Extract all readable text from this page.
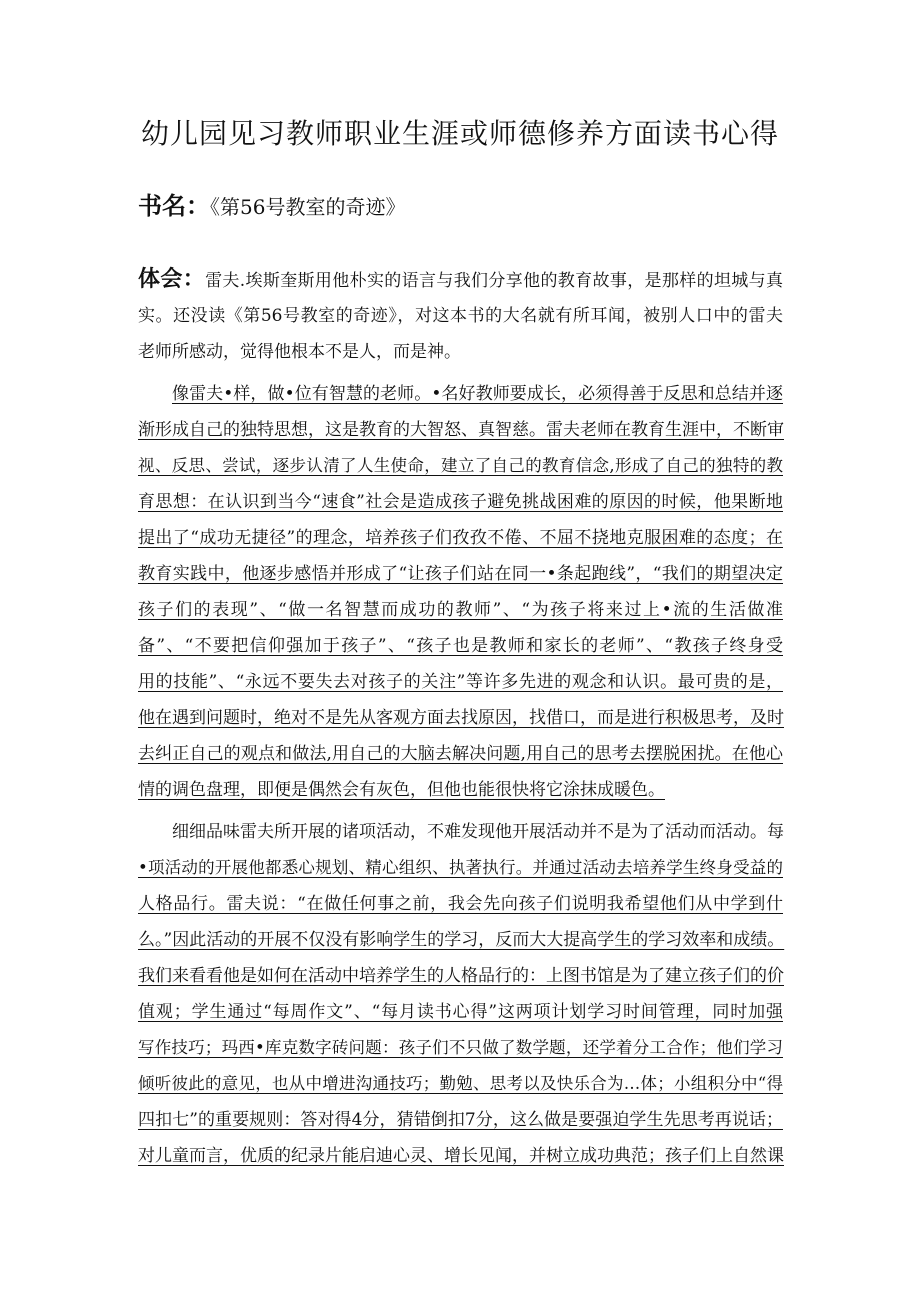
幼儿园见习教师职业生涯或师德修养方面读书心得
书名：《第56号教室的奇迹》
体会：雷夫.埃斯奎斯用他朴实的语言与我们分享他的教育故事，是那样的坦城与真
实。还没读《第56号教室的奇迹》，对这本书的大名就有所耳闻，被别人口中的雷夫
老师所感动，觉得他根本不是人，而是神。
像雷夫•样，做•位有智慧的老师。•名好教师要成长，必须得善于反思和总结并逐
渐形成自己的独特思想，这是教育的大智怒、真智慈。雷夫老师在教育生涯中，不断审
视、反思、尝试，逐步认清了人生使命，建立了自己的教育信念,形成了自己的独特的教
育思想：在认识到当今“速食”社会是造成孩子避免挑战困难的原因的时候，他果断地
提出了“成功无捷径”的理念，培养孩子们孜孜不倦、不屈不挠地克服困难的态度；在
教育实践中，他逐步感悟并形成了“让孩子们站在同一•条起跑线”，“我们的期望决定
孩子们的表现”、“做一名智慧而成功的教师”、“为孩子将来过上•流的生活做准
备”、“不要把信仰强加于孩子”、“孩子也是教师和家长的老师”、“教孩子终身受
用的技能”、“永远不要失去对孩子的关注”等许多先进的观念和认识。最可贵的是，
他在遇到问题时，绝对不是先从客观方面去找原因，找借口，而是进行积极思考，及时
去纠正自己的观点和做法,用自己的大脑去解决问题,用自己的思考去摆脱困扰。在他心
情的调色盘理，即便是偶然会有灰色，但他也能很快将它涂抹成暖色。
细细品味雷夫所开展的诸项活动，不难发现他开展活动并不是为了活动而活动。每
•项活动的开展他都悉心规划、精心组织、执著执行。并通过活动去培养学生终身受益的
人格品行。雷夫说：“在做任何事之前，我会先向孩子们说明我希望他们从中学到什
么。”因此活动的开展不仅没有影响学生的学习，反而大大提高学生的学习效率和成绩。
我们来看看他是如何在活动中培养学生的人格品行的：上图书馆是为了建立孩子们的价
值观；学生通过“每周作文”、“每月读书心得”这两项计划学习时间管理，同时加强
写作技巧；玛西•库克数字砖问题：孩子们不只做了数学题，还学着分工合作；他们学习
倾听彼此的意见，也从中增进沟通技巧；勤勉、思考以及快乐合为…体；小组积分中“得
四扣七”的重要规则：答对得4分，猜错倒扣7分，这么做是要强迫学生先思考再说话；
对儿童而言，优质的纪录片能启迪心灵、增长见闻，并树立成功典范；孩子们上自然课
